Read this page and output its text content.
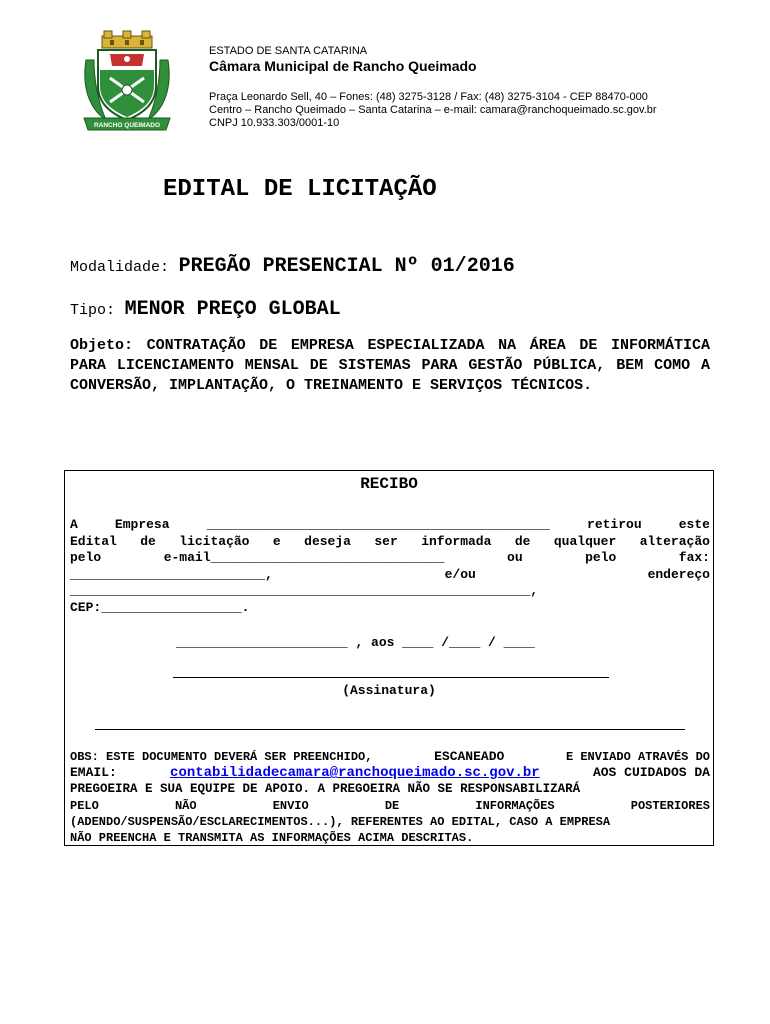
RANCHO QUEIMADO
ESTADO DE SANTA CATARINA
Câmara Municipal de Rancho Queimado
Praça Leonardo Sell, 40 – Fones: (48) 3275-3128 / Fax: (48) 3275-3104 - CEP 88470-000
Centro – Rancho Queimado – Santa Catarina – e-mail: camara@ranchoqueimado.sc.gov.br
CNPJ 10.933.303/0001-10
EDITAL DE LICITAÇÃO
Modalidade: PREGÃO PRESENCIAL Nº 01/2016
Tipo: MENOR PREÇO GLOBAL
Objeto: CONTRATAÇÃO DE EMPRESA ESPECIALIZADA NA ÁREA DE INFORMÁTICA PARA LICENCIAMENTO MENSAL DE SISTEMAS PARA GESTÃO PÚBLICA, BEM COMO A CONVERSÃO, IMPLANTAÇÃO, O TREINAMENTO E SERVIÇOS TÉCNICOS.
RECIBO
A	Empresa	____________________________________________	retirou	este
Edital de licitação e deseja ser informada de qualquer alteração
pelo	e-mail______________________________	ou	pelo	fax:
_________________________,	e/ou	endereço
___________________________________________________________,
CEP:__________________.
______________________ , aos ____ /____ / ____
(Assinatura)
OBS: ESTE DOCUMENTO DEVERÁ SER PREENCHIDO,	ESCANEADO	E ENVIADO ATRAVÉS DO
EMAIL:	contabilidadecamara@ranchoqueimado.sc.gov.br	AOS CUIDADOS DA
PREGOEIRA E SUA EQUIPE DE APOIO. A PREGOEIRA NÃO SE RESPONSABILIZARÁ
PELO	NÃO	ENVIO	DE	INFORMAÇÕES	POSTERIORES
(ADENDO/SUSPENSÃO/ESCLARECIMENTOS...), REFERENTES AO EDITAL, CASO A EMPRESA
NÃO PREENCHA E TRANSMITA AS INFORMAÇÕES ACIMA DESCRITAS.
